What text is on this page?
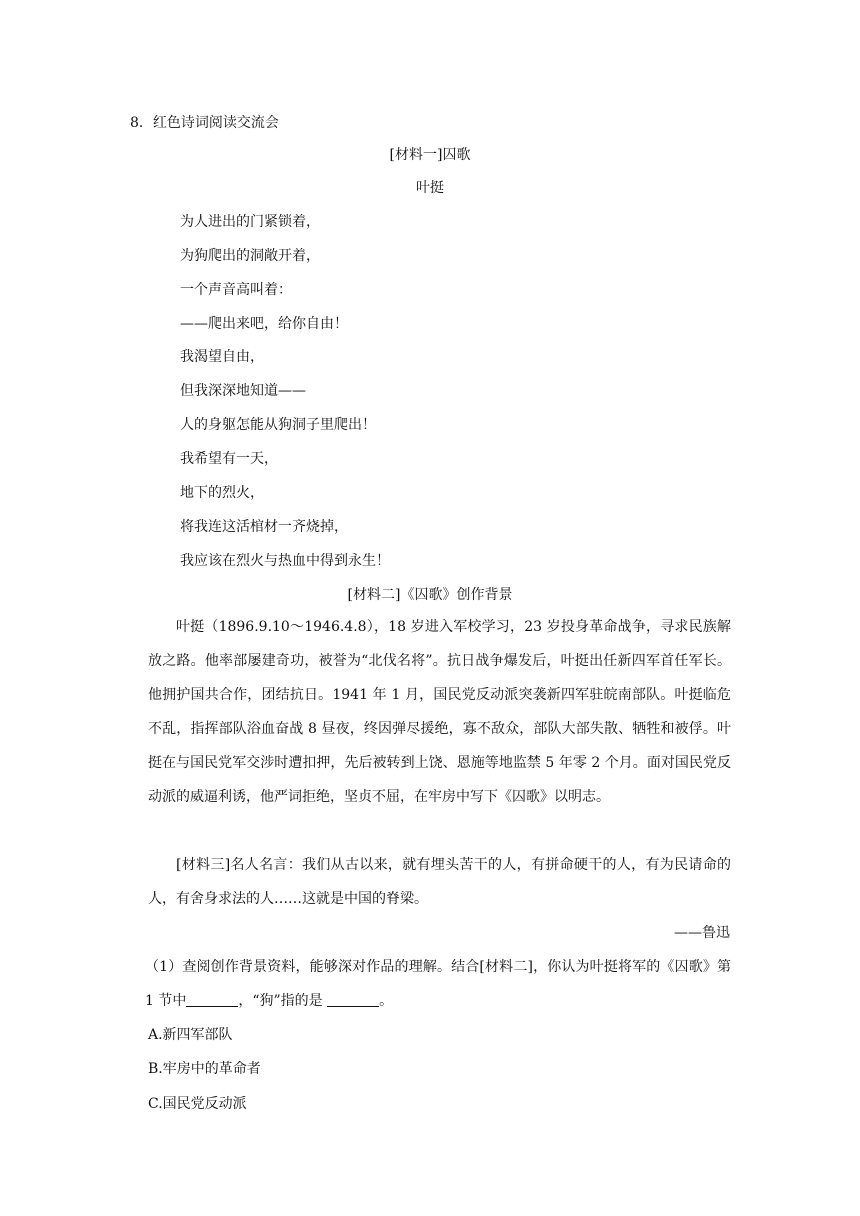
8．红色诗词阅读交流会
[材料一]囚歌
叶挺
为人进出的门紧锁着，
为狗爬出的洞敞开着，
一个声音高叫着：
——爬出来吧，给你自由！
我渴望自由，
但我深深地知道——
人的身躯怎能从狗洞子里爬出！
我希望有一天，
地下的烈火，
将我连这活棺材一齐烧掉，
我应该在烈火与热血中得到永生！
[材料二]《囚歌》创作背景
叶挺（1896.9.10～1946.4.8），18 岁进入军校学习，23 岁投身革命战争，寻求民族解放之路。他率部屡建奇功，被誉为“北伐名将”。抗日战争爆发后，叶挺出任新四军首任军长。他拥护国共合作，团结抗日。1941 年 1 月，国民党反动派突袭新四军驻皖南部队。叶挺临危不乱，指挥部队浴血奋战 8 昼夜，终因弹尽援绝，寡不敌众，部队大部失散、牺牲和被俘。叶挺在与国民党军交涉时遭扣押，先后被转到上饶、恩施等地监禁 5 年零 2 个月。面对国民党反动派的威逼利诱，他严词拒绝，坚贞不屈，在牢房中写下《囚歌》以明志。
[材料三]名人名言：我们从古以来，就有埋头苦干的人，有拼命硬干的人，有为民请命的人，有舍身求法的人……这就是中国的脊梁。
——鲁迅
（1）查阅创作背景资料，能够深对作品的理解。结合[材料二]，你认为叶挺将军的《囚歌》第 1 节中	，“狗”指的是	。
A.新四军部队
B.牢房中的革命者
C.国民党反动派
